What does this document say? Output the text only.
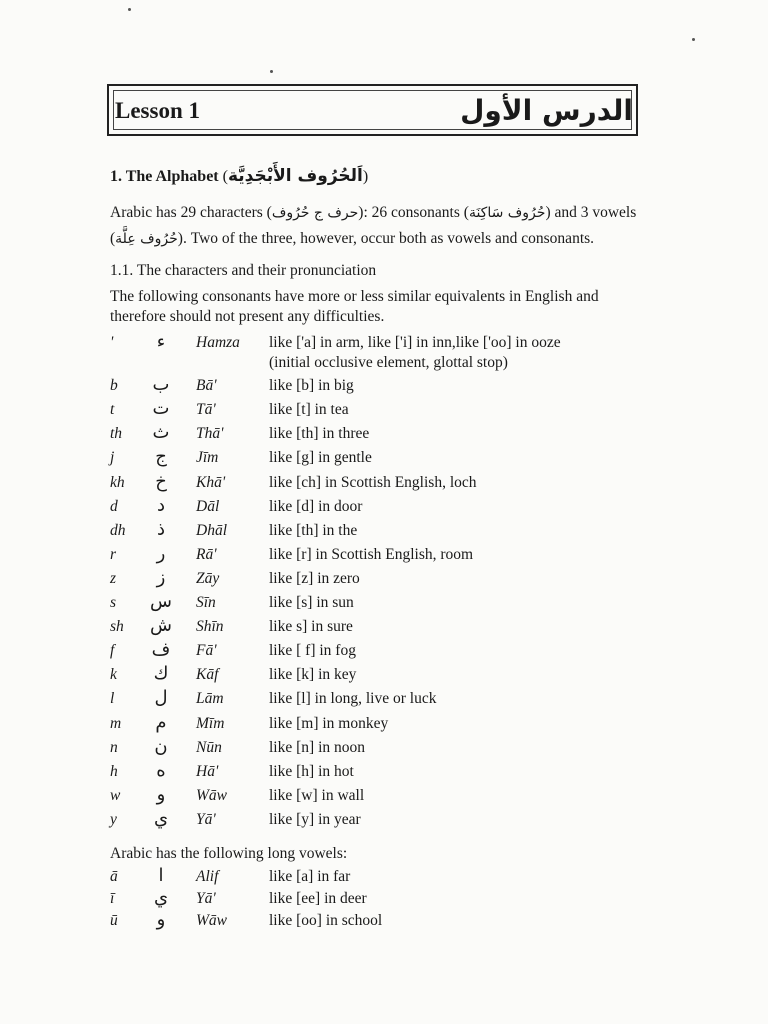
Lesson 1	الدرس الأول
1. The Alphabet (اَلحُرُوف الأَبْجَدِيَّة)
Arabic has 29 characters (حرف ج حُرُوف): 26 consonants (حُرُوف سَاكِنَة) and 3 vowels
(حُرُوف عِلَّة). Two of the three, however, occur both as vowels and consonants.
1.1. The characters and their pronunciation
The following consonants have more or less similar equivalents in English and
therefore should not present any difficulties.
'	ء	Hamza	like ['a] in arm, like ['i] in inn,like ['oo] in ooze
(initial occlusive element, glottal stop)
b	ب	Bā'	like [b] in big
t	ت	Tā'	like [t] in tea
th	ث	Thā'	like [th] in three
j	ج	Jīm	like [g] in gentle
kh	خ	Khā'	like [ch] in Scottish English, loch
d	د	Dāl	like [d] in door
dh	ذ	Dhāl	like [th] in the
r	ر	Rā'	like [r] in Scottish English, room
z	ز	Zāy	like [z] in zero
s	س Sīn	like [s] in sun
sh	ش Shīn	like s] in sure
f	ف	Fā'	like [ f] in fog
k	ك	Kāf	like [k] in key
l	ل	Lām	like [l] in long, live or luck
m	م	Mīm	like [m] in monkey
n	ن	Nūn	like [n] in noon
h	ه	Hā'	like [h] in hot
w	و	Wāw	like [w] in wall
y	ي	Yā'	like [y] in year
Arabic has the following long vowels:
ā	ا	Alif	like [a] in far
ī	ي	Yā'	like [ee] in deer
ū	و	Wāw	like [oo] in school
